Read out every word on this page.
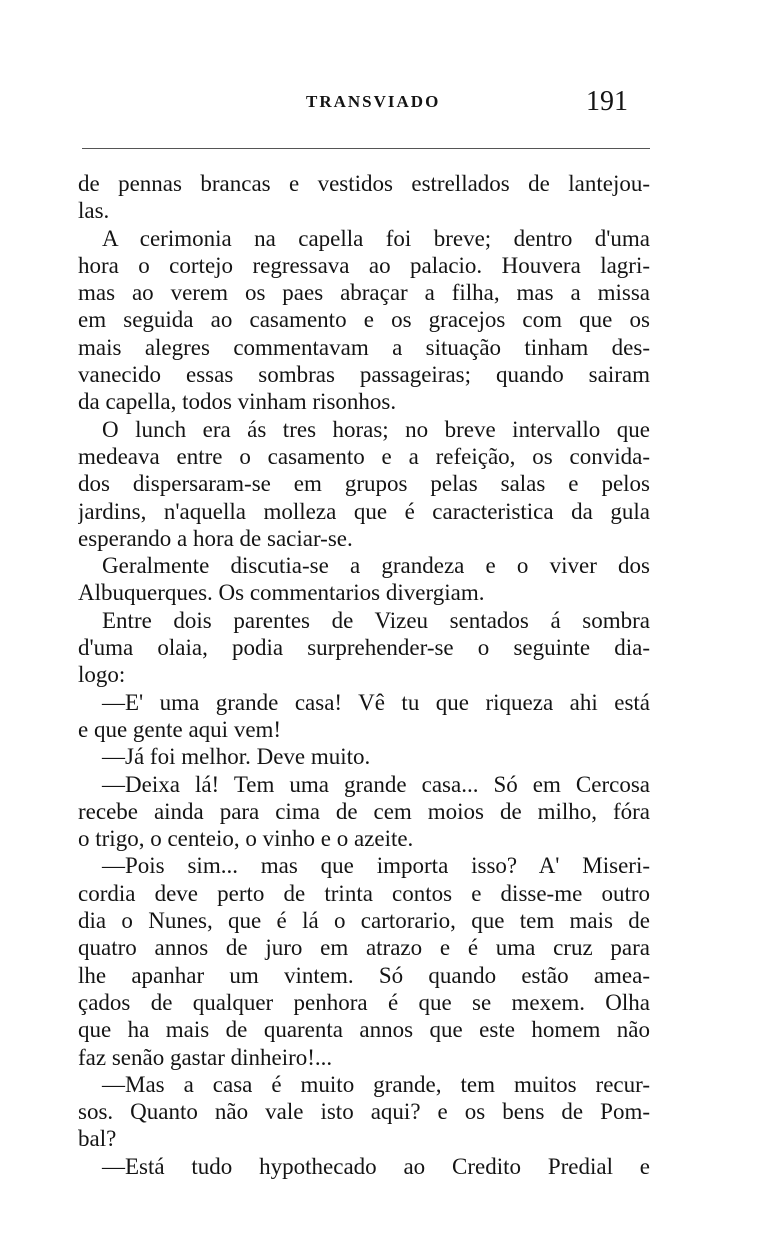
TRANSVIADO	191
de pennas brancas e vestidos estrellados de lantejou-
las.
A cerimonia na capella foi breve; dentro d'uma
hora o cortejo regressava ao palacio. Houvera lagri-
mas ao verem os paes abraçar a filha, mas a missa
em seguida ao casamento e os gracejos com que os
mais alegres commentavam a situação tinham des-
vanecido essas sombras passageiras; quando sairam
da capella, todos vinham risonhos.
O lunch era ás tres horas; no breve intervallo que
medeava entre o casamento e a refeição, os convida-
dos dispersaram-se em grupos pelas salas e pelos
jardins, n'aquella molleza que é caracteristica da gula
esperando a hora de saciar-se.
Geralmente discutia-se a grandeza e o viver dos
Albuquerques. Os commentarios divergiam.
Entre dois parentes de Vizeu sentados á sombra
d'uma olaia, podia surprehender-se o seguinte dia-
logo:
—E' uma grande casa! Vê tu que riqueza ahi está
e que gente aqui vem!
—Já foi melhor. Deve muito.
—Deixa lá! Tem uma grande casa... Só em Cercosa
recebe ainda para cima de cem moios de milho, fóra
o trigo, o centeio, o vinho e o azeite.
—Pois sim... mas que importa isso? A' Miseri-
cordia deve perto de trinta contos e disse-me outro
dia o Nunes, que é lá o cartorario, que tem mais de
quatro annos de juro em atrazo e é uma cruz para
lhe apanhar um vintem. Só quando estão amea-
çados de qualquer penhora é que se mexem. Olha
que ha mais de quarenta annos que este homem não
faz senão gastar dinheiro!...
—Mas a casa é muito grande, tem muitos recur-
sos. Quanto não vale isto aqui? e os bens de Pom-
bal?
—Está tudo hypothecado ao Credito Predial e
